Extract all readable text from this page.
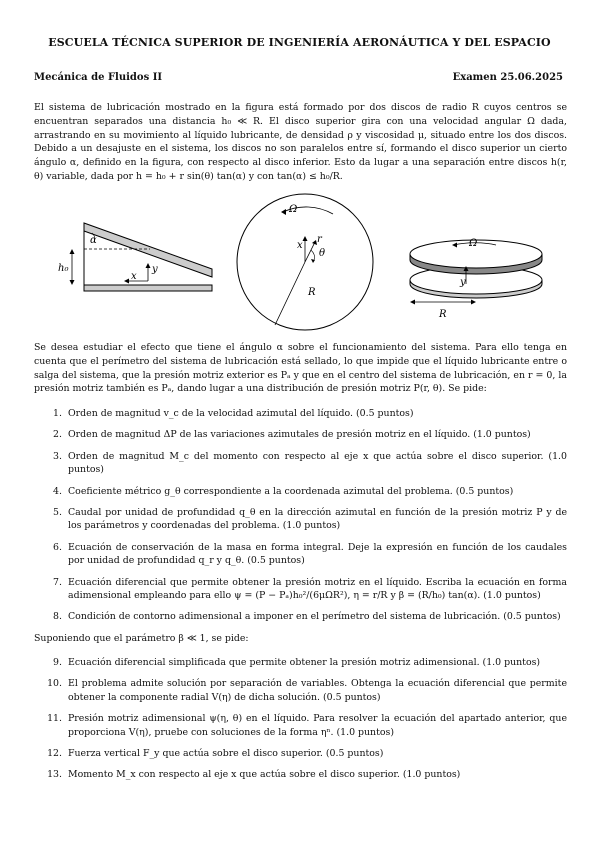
ESCUELA TÉCNICA SUPERIOR DE INGENIERÍA AERONÁUTICA Y DEL ESPACIO
Mecánica de Fluidos II	Examen 25.06.2025

El sistema de lubricación mostrado en la figura está formado por dos discos de radio R cuyos centros se encuentran separados una distancia h₀ ≪ R. El disco superior gira con una velocidad angular Ω dada, arrastrando en su movimiento al líquido lubricante, de densidad ρ y viscosidad μ, situado entre los dos discos. Debido a un desajuste en el sistema, los discos no son paralelos entre sí, formando el disco superior un cierto ángulo α, definido en la figura, con respecto al disco inferior. Esto da lugar a una separación entre discos h(r, θ) variable, dada por h = h₀ + r sin(θ) tan(α) y con tan(α) ≤ h₀/R.

α
h₀
x
y
Ω
R
x
r
θ
Ω
y
R

Se desea estudiar el efecto que tiene el ángulo α sobre el funcionamiento del sistema. Para ello tenga en cuenta que el perímetro del sistema de lubricación está sellado, lo que impide que el líquido lubricante entre o salga del sistema, que la presión motriz exterior es Pₐ y que en el centro del sistema de lubricación, en r = 0, la presión motriz también es Pₐ, dando lugar a una distribución de presión motriz P(r, θ). Se pide:

1. Orden de magnitud v_c de la velocidad azimutal del líquido. (0.5 puntos)
2. Orden de magnitud ΔP de las variaciones azimutales de presión motriz en el líquido. (1.0 puntos)
3. Orden de magnitud M_c del momento con respecto al eje x que actúa sobre el disco superior. (1.0 puntos)
4. Coeficiente métrico g_θ correspondiente a la coordenada azimutal del problema. (0.5 puntos)
5. Caudal por unidad de profundidad q_θ en la dirección azimutal en función de la presión motriz P y de los parámetros y coordenadas del problema. (1.0 puntos)
6. Ecuación de conservación de la masa en forma integral. Deje la expresión en función de los caudales por unidad de profundidad q_r y q_θ. (0.5 puntos)
7. Ecuación diferencial que permite obtener la presión motriz en el líquido. Escriba la ecuación en forma adimensional empleando para ello ψ = (P − Pₐ)h₀²/(6μΩR²), η = r/R y β = (R/h₀) tan(α). (1.0 puntos)
8. Condición de contorno adimensional a imponer en el perímetro del sistema de lubricación. (0.5 puntos)

Suponiendo que el parámetro β ≪ 1, se pide:

9. Ecuación diferencial simplificada que permite obtener la presión motriz adimensional. (1.0 puntos)
10. El problema admite solución por separación de variables. Obtenga la ecuación diferencial que permite obtener la componente radial V(η) de dicha solución. (0.5 puntos)
11. Presión motriz adimensional ψ(η, θ) en el líquido. Para resolver la ecuación del apartado anterior, que proporciona V(η), pruebe con soluciones de la forma ηⁿ. (1.0 puntos)
12. Fuerza vertical F_y que actúa sobre el disco superior. (0.5 puntos)
13. Momento M_x con respecto al eje x que actúa sobre el disco superior. (1.0 puntos)
